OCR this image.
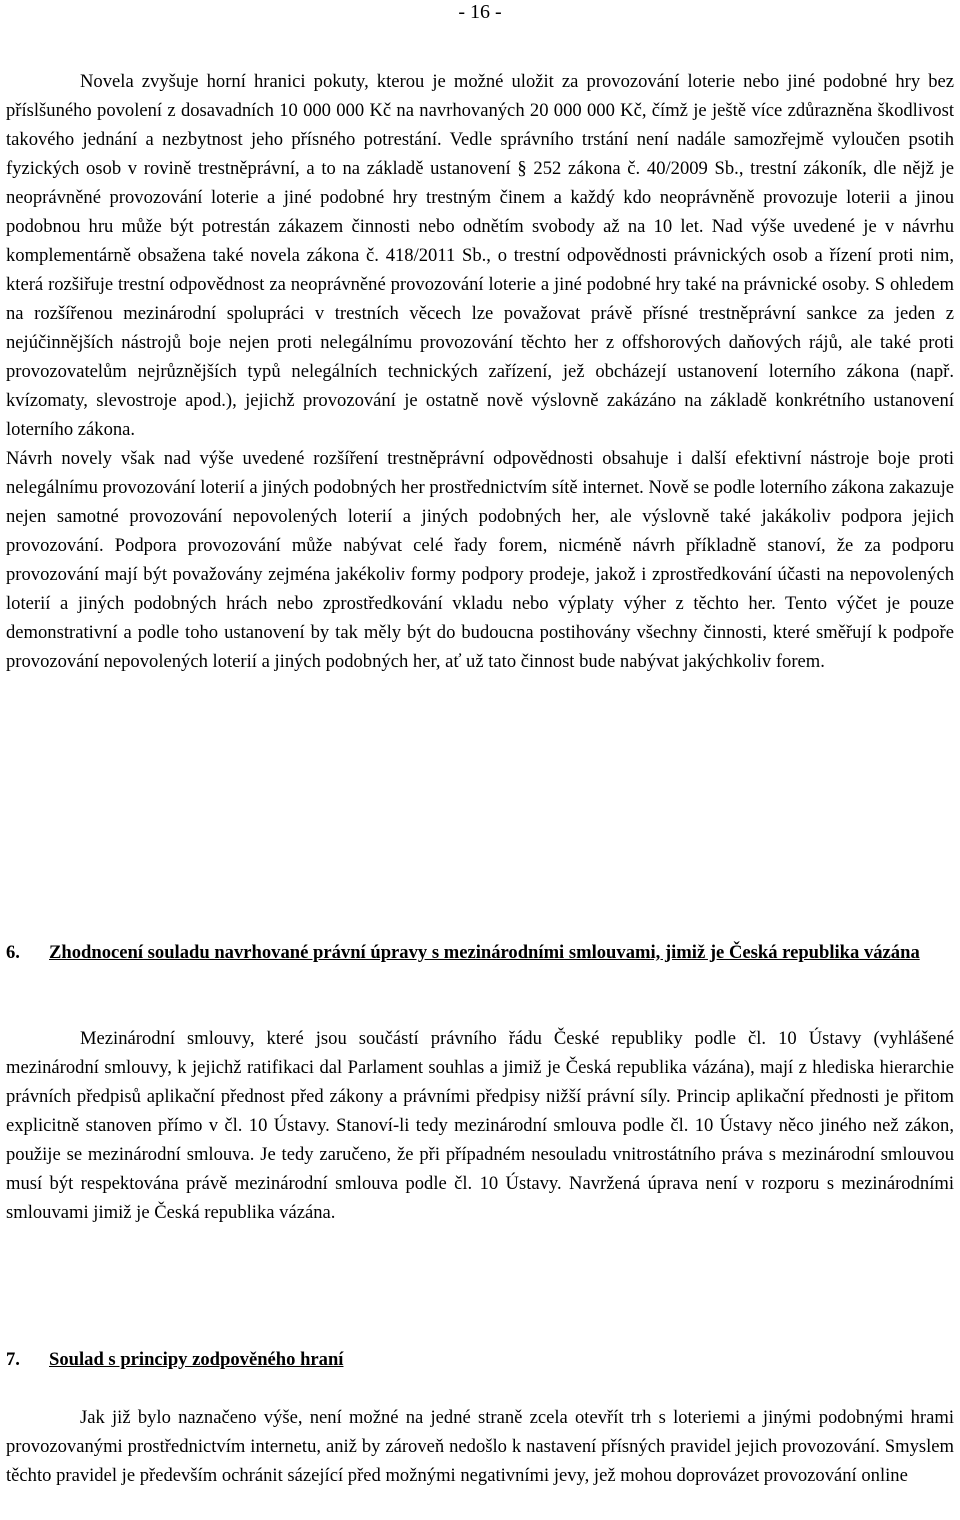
- 16 -

Novela zvyšuje horní hranici pokuty, kterou je možné uložit za provozování loterie nebo jiné podobné hry bez příslšuného povolení z dosavadních 10 000 000 Kč na navrhovaných 20 000 000 Kč, čímž je ještě více zdůrazněna škodlivost takového jednání a nezbytnost jeho přísného potrestání. Vedle správního trstání není nadále samozřejmě vyloučen psotih fyzických osob v rovině trestněprávní, a to na základě ustanovení § 252 zákona č. 40/2009 Sb., trestní zákoník, dle nějž je neoprávněné provozování loterie a jiné podobné hry trestným činem a každý kdo neoprávněně provozuje loterii a jinou podobnou hru může být potrestán zákazem činnosti nebo odnětím svobody až na 10 let. Nad výše uvedené je v návrhu komplementárně obsažena také novela zákona č. 418/2011 Sb., o trestní odpovědnosti právnických osob a řízení proti nim, která rozšiřuje trestní odpovědnost za neoprávněné provozování loterie a jiné podobné hry také na právnické osoby. S ohledem na rozšířenou mezinárodní spolupráci v trestních věcech lze považovat právě přísné trestněprávní sankce za jeden z nejúčinnějších nástrojů boje nejen proti nelegálnímu provozování těchto her z offshorových daňových rájů, ale také proti provozovatelům nejrůznějších typů nelegálních technických zařízení, jež obcházejí ustanovení loterního zákona (např. kvízomaty, slevostroje apod.), jejichž provozování je ostatně nově výslovně zakázáno na základě konkrétního ustanovení loterního zákona.

Návrh novely však nad výše uvedené rozšíření trestněprávní odpovědnosti obsahuje i další efektivní nástroje boje proti nelegálnímu provozování loterií a jiných podobných her prostřednictvím sítě internet. Nově se podle loterního zákona zakazuje nejen samotné provozování nepovolených loterií a jiných podobných her, ale výslovně také jakákoliv podpora jejich provozování. Podpora provozování může nabývat celé řady forem, nicméně návrh příkladně stanoví, že za podporu provozování mají být považovány zejména jakékoliv formy podpory prodeje, jakož i zprostředkování účasti na nepovolených loterií a jiných podobných hrách nebo zprostředkování vkladu nebo výplaty výher z těchto her. Tento výčet je pouze demonstrativní a podle toho ustanovení by tak měly být do budoucna postihovány všechny činnosti, které směřují k podpoře provozování nepovolených loterií a jiných podobných her, ať už tato činnost bude nabývat jakýchkoliv forem.

6.	Zhodnocení souladu navrhované právní úpravy s mezinárodními smlouvami, jimiž je Česká republika vázána

Mezinárodní smlouvy, které jsou součástí právního řádu České republiky podle čl. 10 Ústavy (vyhlášené mezinárodní smlouvy, k jejichž ratifikaci dal Parlament souhlas a jimiž je Česká republika vázána), mají z hlediska hierarchie právních předpisů aplikační přednost před zákony a právními předpisy nižší právní síly. Princip aplikační přednosti je přitom explicitně stanoven přímo v čl. 10 Ústavy. Stanoví-li tedy mezinárodní smlouva podle čl. 10 Ústavy něco jiného než zákon, použije se mezinárodní smlouva. Je tedy zaručeno, že při případném nesouladu vnitrostátního práva s mezinárodní smlouvou musí být respektována právě mezinárodní smlouva podle čl. 10 Ústavy. Navržená úprava není v rozporu s mezinárodními smlouvami jimiž je Česká republika vázána.

7.	Soulad s principy zodpověného hraní

Jak již bylo naznačeno výše, není možné na jedné straně zcela otevřít trh s loteriemi a jinými podobnými hrami provozovanými prostřednictvím internetu, aniž by zároveň nedošlo k nastavení přísných pravidel jejich provozování. Smyslem těchto pravidel je především ochránit sázející před možnými negativními jevy, jež mohou doprovázet provozování online
